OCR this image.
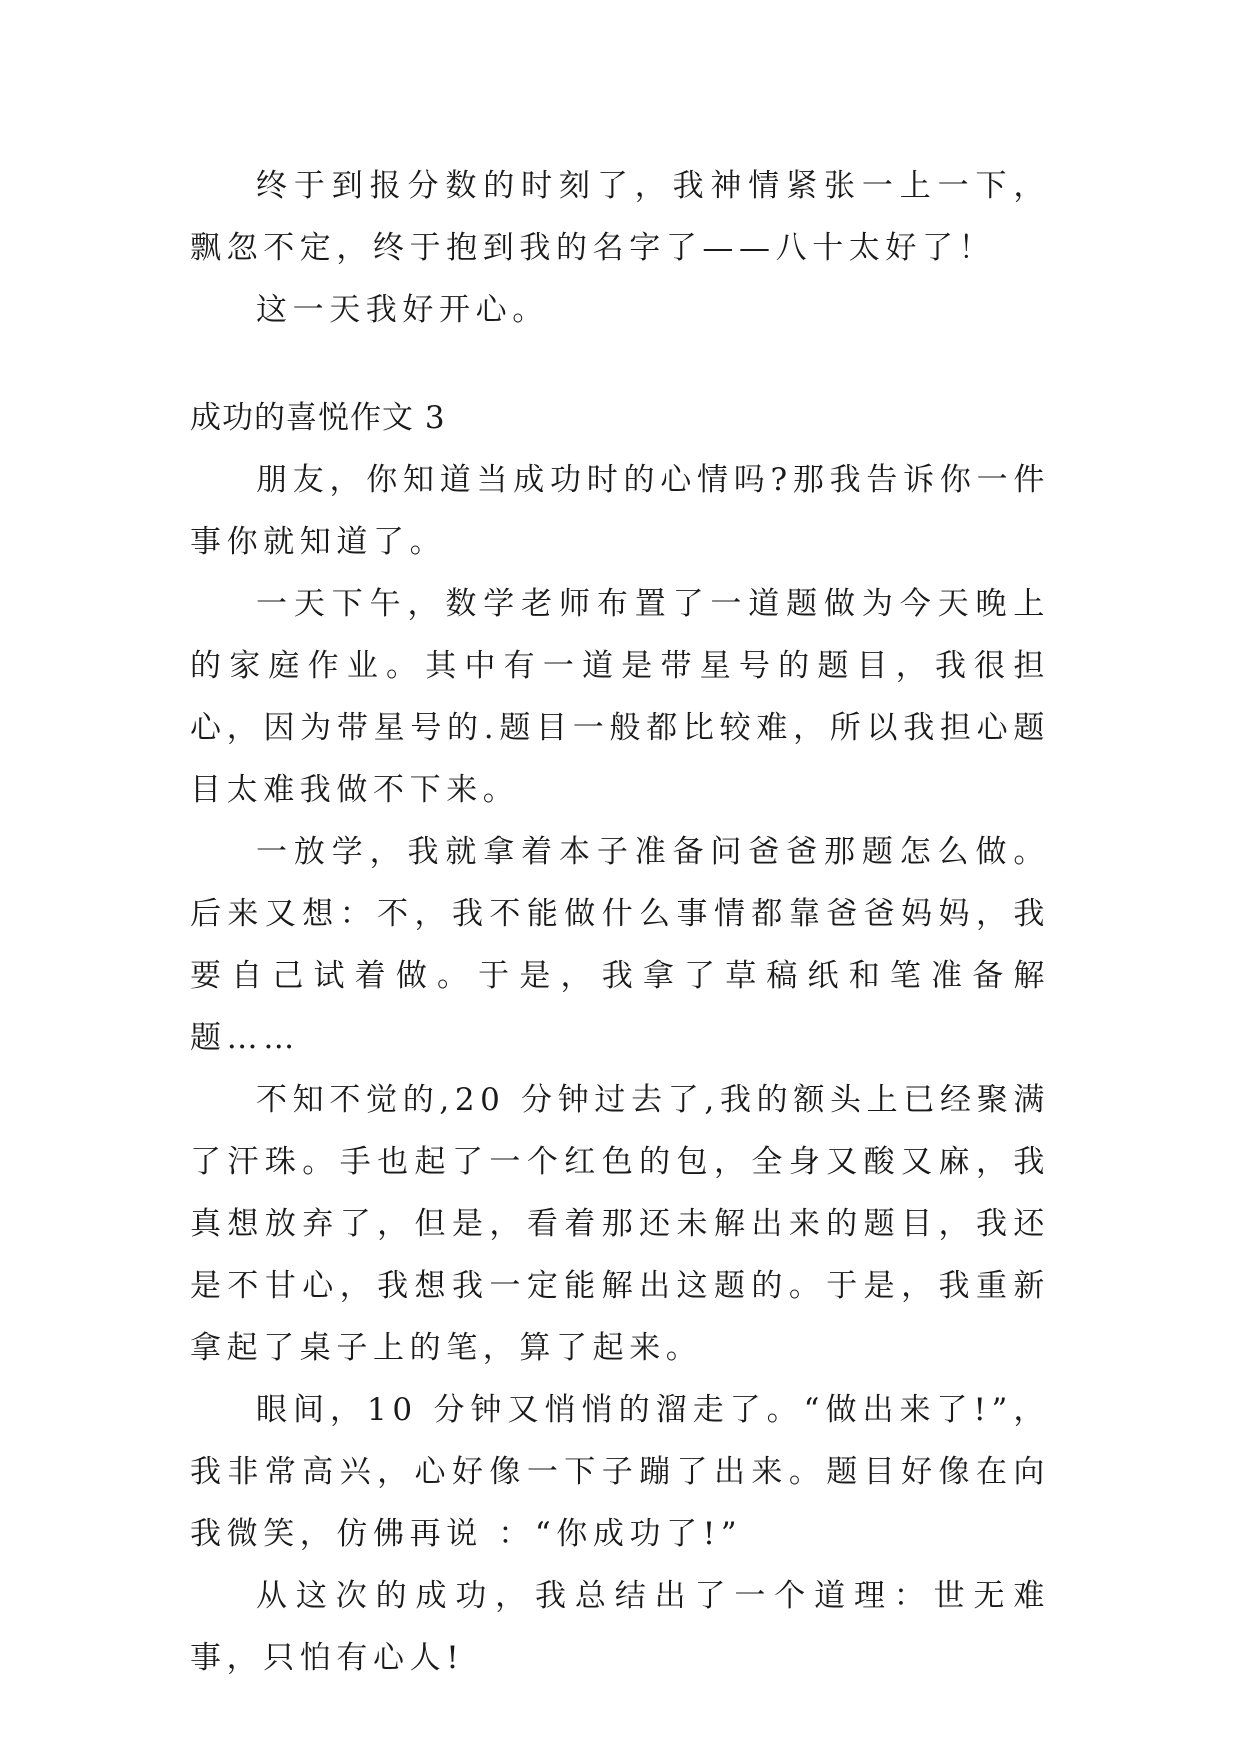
终于到报分数的时刻了，我神情紧张一上一下，飘忽不定，终于抱到我的名字了——八十太好了！

这一天我好开心。

成功的喜悦作文 3

朋友，你知道当成功时的心情吗?那我告诉你一件事你就知道了。

一天下午，数学老师布置了一道题做为今天晚上的家庭作业。其中有一道是带星号的题目，我很担心，因为带星号的.题目一般都比较难，所以我担心题目太难我做不下来。

一放学，我就拿着本子准备问爸爸那题怎么做。后来又想：不，我不能做什么事情都靠爸爸妈妈，我要自己试着做。于是，我拿了草稿纸和笔准备解题……

不知不觉的,20 分钟过去了,我的额头上已经聚满了汗珠。手也起了一个红色的包，全身又酸又麻，我真想放弃了，但是，看着那还未解出来的题目，我还是不甘心，我想我一定能解出这题的。于是，我重新拿起了桌子上的笔，算了起来。

眼间，10 分钟又悄悄的溜走了。“做出来了!”，我非常高兴，心好像一下子蹦了出来。题目好像在向我微笑，仿佛再说 ：“你成功了!”

从这次的成功，我总结出了一个道理：世无难事，只怕有心人!
